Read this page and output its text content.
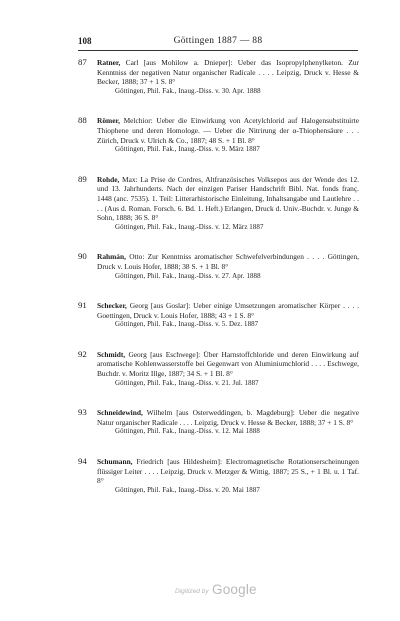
108	Göttingen 1887 — 88
87 Ratner, Carl [aus Mohilow a. Dnieper]: Ueber das Isopropylphenylketon. Zur Kenntniss der negativen Natur organischer Radicale . . . . Leipzig, Druck v. Hesse & Becker, 1888; 37 + 1 S. 8°

Göttingen, Phil. Fak., Inaug.-Diss. v. 30. Apr. 1888

88 Römer, Melchior: Ueber die Einwirkung von Acetylchlorid auf Halogensubstituirte Thiophene und deren Homologe. — Ueber die Nitrirung der α-Thiophensäure . . . Zürich, Druck v. Ulrich & Co., 1887; 48 S. + 1 Bl. 8°

Göttingen, Phil. Fak., Inaug.-Diss. v. 9. März 1887

89 Rohde, Max: La Prise de Cordres, Altfranzösisches Volksepos aus der Wende des 12. und 13. Jahrhunderts. Nach der einzigen Pariser Handschrift Bibl. Nat. fonds franç. 1448 (anc. 7535). 1. Teil: Litterarhistorische Einleitung, Inhaltsangabe und Lautlehre . . . . (Aus d. Roman. Forsch. 6. Bd. 1. Heft.) Erlangen, Druck d. Univ.-Buchdr. v. Junge & Sohn, 1888; 36 S. 8°

Göttingen, Phil. Fak., Inaug.-Diss. v. 12. März 1887

90 Rahmán, Otto: Zur Kenntniss aromatischer Schwefelverbindungen . . . . Göttingen, Druck v. Louis Hofer, 1888; 38 S. + 1 Bl. 8°

Göttingen, Phil. Fak., Inaug.-Diss. v. 27. Apr. 1888

91 Schecker, Georg [aus Goslar]: Ueber einige Umsetzungen aromatischer Körper . . . . Goettingen, Druck v. Louis Hofer, 1888; 43 + 1 S. 8°

Göttingen, Phil. Fak., Inaug.-Diss. v. 5. Dez. 1887

92 Schmidt, Georg [aus Eschwege]: Über Harnstoffchloride und deren Einwirkung auf aromatische Kohlenwasserstoffe bei Gegenwart von Aluminiumchlorid . . . . Eschwege, Buchdr. v. Moritz Illge, 1887; 34 S. + 1 Bl. 8°

Göttingen, Phil. Fak., Inaug.-Diss. v. 21. Jul. 1887

93 Schneidewind, Wilhelm [aus Osterweddingen, b. Magdeburg]: Ueber die negative Natur organischer Radicale . . . . Leipzig, Druck v. Hesse & Becker, 1888; 37 + 1 S. 8°

Göttingen, Phil. Fak., Inaug.-Diss. v. 12. Mai 1888

94 Schumann, Friedrich [aus Hildesheim]: Electromagnetische Rotationserscheinungen flüssiger Leiter . . . . Leipzig, Druck v. Metzger & Wittig, 1887; 25 S., + 1 Bl. u. 1 Taf. 8°

Göttingen, Phil. Fak., Inaug.-Diss. v. 20. Mai 1887

Digitized by Google
